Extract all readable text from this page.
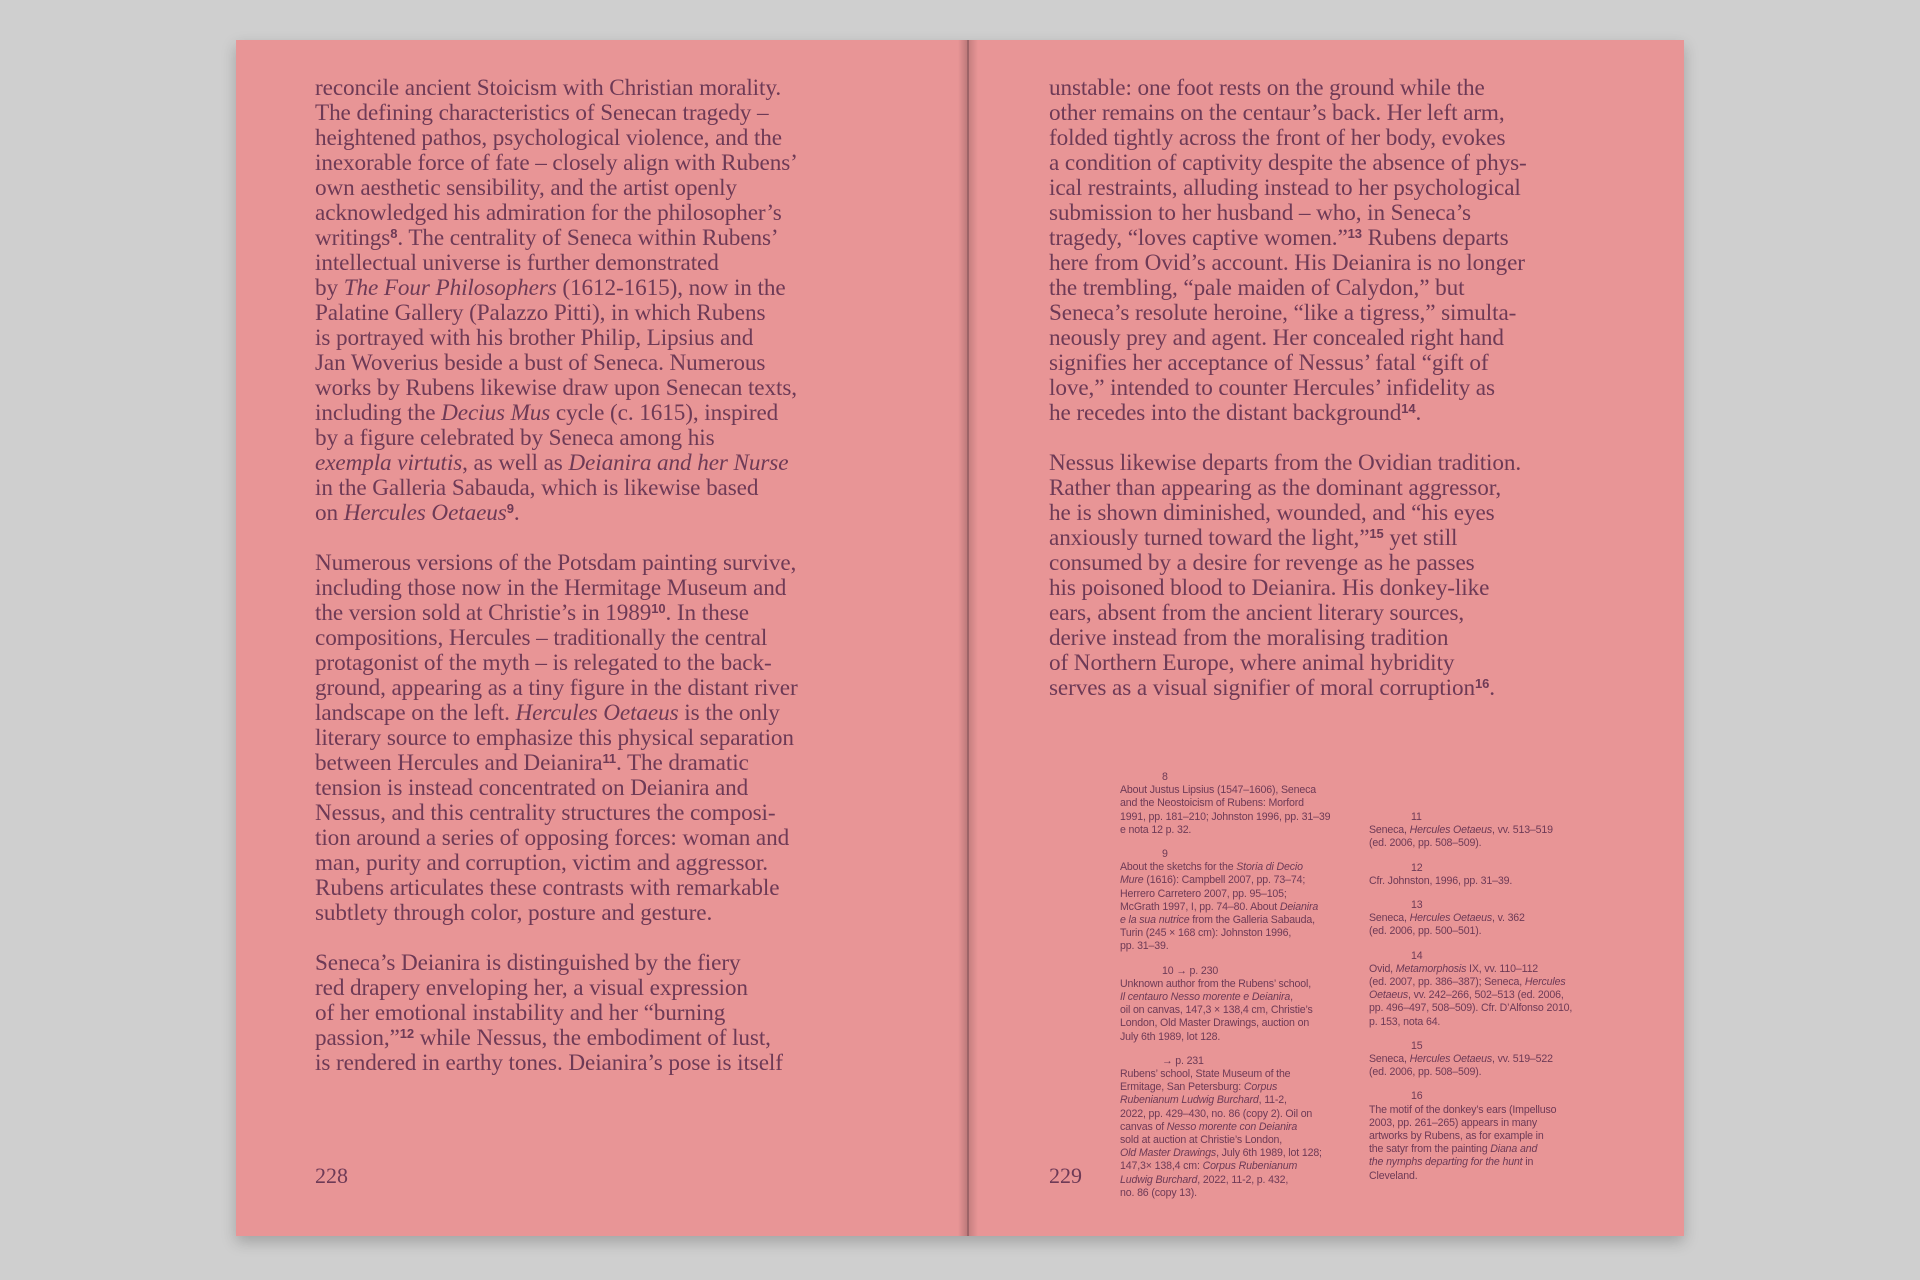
reconcile ancient Stoicism with Christian morality.
The defining characteristics of Senecan tragedy –
heightened pathos, psychological violence, and the
inexorable force of fate – closely align with Rubens’
own aesthetic sensibility, and the artist openly
acknowledged his admiration for the philosopher’s
writings$^8$. The centrality of Seneca within Rubens’
intellectual universe is further demonstrated
by The Four Philosophers (1612-1615), now in the
Palatine Gallery (Palazzo Pitti), in which Rubens
is portrayed with his brother Philip, Lipsius and
Jan Woverius beside a bust of Seneca. Numerous
works by Rubens likewise draw upon Senecan texts,
including the Decius Mus cycle (c. 1615), inspired
by a figure celebrated by Seneca among his
exempla virtutis, as well as Deianira and her Nurse
in the Galleria Sabauda, which is likewise based
on Hercules Oetaeus$^9$.
Numerous versions of the Potsdam painting survive,
including those now in the Hermitage Museum and
the version sold at Christie’s in 1989$^{10}$. In these
compositions, Hercules – traditionally the central
protagonist of the myth – is relegated to the back-
ground, appearing as a tiny figure in the distant river
landscape on the left. Hercules Oetaeus is the only
literary source to emphasize this physical separation
between Hercules and Deianira$^{11}$. The dramatic
tension is instead concentrated on Deianira and
Nessus, and this centrality structures the composi-
tion around a series of opposing forces: woman and
man, purity and corruption, victim and aggressor.
Rubens articulates these contrasts with remarkable
subtlety through color, posture and gesture.
Seneca’s Deianira is distinguished by the fiery
red drapery enveloping her, a visual expression
of her emotional instability and her “burning
passion,”$^{12}$ while Nessus, the embodiment of lust,
is rendered in earthy tones. Deianira’s pose is itself
228
unstable: one foot rests on the ground while the
other remains on the centaur’s back. Her left arm,
folded tightly across the front of her body, evokes
a condition of captivity despite the absence of phys-
ical restraints, alluding instead to her psychological
submission to her husband – who, in Seneca’s
tragedy, “loves captive women.”$^{13}$ Rubens departs
here from Ovid’s account. His Deianira is no longer
the trembling, “pale maiden of Calydon,” but
Seneca’s resolute heroine, “like a tigress,” simulta-
neously prey and agent. Her concealed right hand
signifies her acceptance of Nessus’ fatal “gift of
love,” intended to counter Hercules’ infidelity as
he recedes into the distant background$^{14}$.
Nessus likewise departs from the Ovidian tradition.
Rather than appearing as the dominant aggressor,
he is shown diminished, wounded, and “his eyes
anxiously turned toward the light,”$^{15}$ yet still
consumed by a desire for revenge as he passes
his poisoned blood to Deianira. His donkey-like
ears, absent from the ancient literary sources,
derive instead from the moralising tradition
of Northern Europe, where animal hybridity
serves as a visual signifier of moral corruption$^{16}$.
8
About Justus Lipsius (1547–1606), Seneca
and the Neostoicism of Rubens: Morford
1991, pp. 181–210; Johnston 1996, pp. 31–39
e nota 12 p. 32.
9
About the sketchs for the Storia di Decio
Mure (1616): Campbell 2007, pp. 73–74;
Herrero Carretero 2007, pp. 95–105;
McGrath 1997, I, pp. 74–80. About Deianira
e la sua nutrice from the Galleria Sabauda,
Turin (245 × 168 cm): Johnston 1996,
pp. 31–39.
10 → p. 230
Unknown author from the Rubens’ school,
Il centauro Nesso morente e Deianira,
oil on canvas, 147,3 × 138,4 cm, Christie’s
London, Old Master Drawings, auction on
July 6th 1989, lot 128.
→ p. 231
Rubens’ school, State Museum of the
Ermitage, San Petersburg: Corpus
Rubenianum Ludwig Burchard, 11-2,
2022, pp. 429–430, no. 86 (copy 2). Oil on
canvas of Nesso morente con Deianira
sold at auction at Christie’s London,
Old Master Drawings, July 6th 1989, lot 128;
147,3× 138,4 cm: Corpus Rubenianum
Ludwig Burchard, 2022, 11-2, p. 432,
no. 86 (copy 13).
11
Seneca, Hercules Oetaeus, vv. 513–519
(ed. 2006, pp. 508–509).
12
Cfr. Johnston, 1996, pp. 31–39.
13
Seneca, Hercules Oetaeus, v. 362
(ed. 2006, pp. 500–501).
14
Ovid, Metamorphosis IX, vv. 110–112
(ed. 2007, pp. 386–387); Seneca, Hercules
Oetaeus, vv. 242–266, 502–513 (ed. 2006,
pp. 496–497, 508–509). Cfr. D’Alfonso 2010,
p. 153, nota 64.
15
Seneca, Hercules Oetaeus, vv. 519–522
(ed. 2006, pp. 508–509).
16
The motif of the donkey’s ears (Impelluso
2003, pp. 261–265) appears in many
artworks by Rubens, as for example in
the satyr from the painting Diana and
the nymphs departing for the hunt in
Cleveland.
229
